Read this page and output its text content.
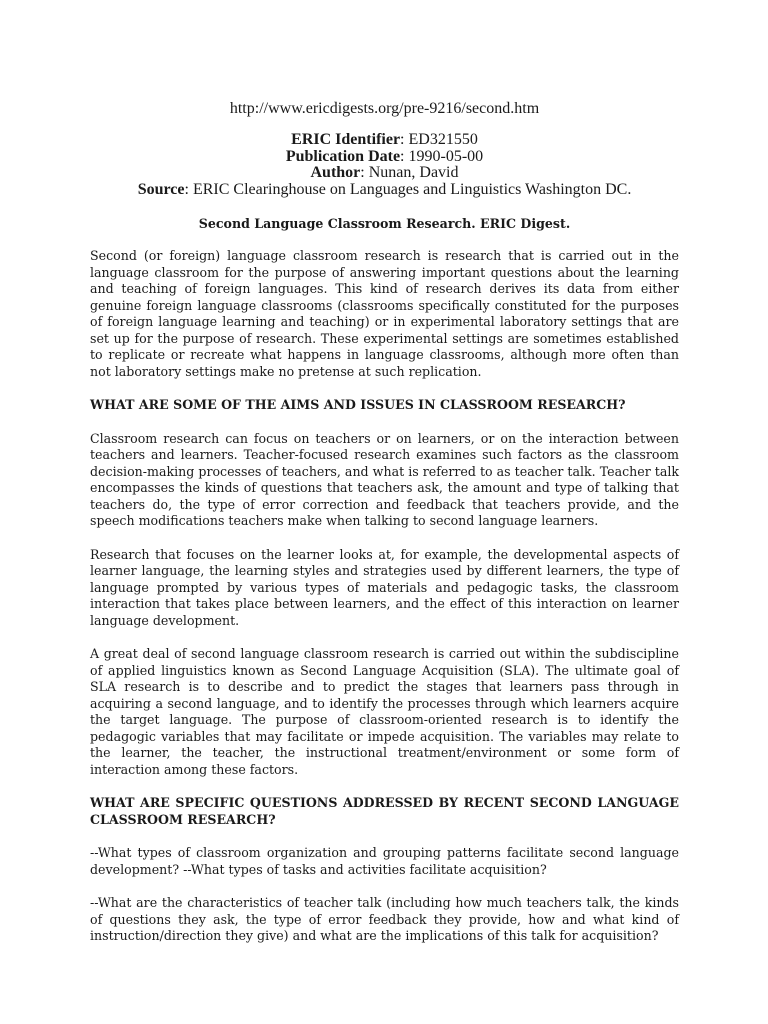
http://www.ericdigests.org/pre-9216/second.htm
ERIC Identifier: ED321550
Publication Date: 1990-05-00
Author: Nunan, David
Source: ERIC Clearinghouse on Languages and Linguistics Washington DC.
Second Language Classroom Research. ERIC Digest.

Second (or foreign) language classroom research is research that is carried out in the language classroom for the purpose of answering important questions about the learning and teaching of foreign languages. This kind of research derives its data from either genuine foreign language classrooms (classrooms specifically constituted for the purposes of foreign language learning and teaching) or in experimental laboratory settings that are set up for the purpose of research. These experimental settings are sometimes established to replicate or recreate what happens in language classrooms, although more often than not laboratory settings make no pretense at such replication.

WHAT ARE SOME OF THE AIMS AND ISSUES IN CLASSROOM RESEARCH?

Classroom research can focus on teachers or on learners, or on the interaction between teachers and learners. Teacher-focused research examines such factors as the classroom decision-making processes of teachers, and what is referred to as teacher talk. Teacher talk encompasses the kinds of questions that teachers ask, the amount and type of talking that teachers do, the type of error correction and feedback that teachers provide, and the speech modifications teachers make when talking to second language learners.

Research that focuses on the learner looks at, for example, the developmental aspects of learner language, the learning styles and strategies used by different learners, the type of language prompted by various types of materials and pedagogic tasks, the classroom interaction that takes place between learners, and the effect of this interaction on learner language development.

A great deal of second language classroom research is carried out within the subdiscipline of applied linguistics known as Second Language Acquisition (SLA). The ultimate goal of SLA research is to describe and to predict the stages that learners pass through in acquiring a second language, and to identify the processes through which learners acquire the target language. The purpose of classroom-oriented research is to identify the pedagogic variables that may facilitate or impede acquisition. The variables may relate to the learner, the teacher, the instructional treatment/environment or some form of interaction among these factors.

WHAT ARE SPECIFIC QUESTIONS ADDRESSED BY RECENT SECOND LANGUAGE CLASSROOM RESEARCH?

--What types of classroom organization and grouping patterns facilitate second language development? --What types of tasks and activities facilitate acquisition?

--What are the characteristics of teacher talk (including how much teachers talk, the kinds of questions they ask, the type of error feedback they provide, how and what kind of instruction/direction they give) and what are the implications of this talk for acquisition?
